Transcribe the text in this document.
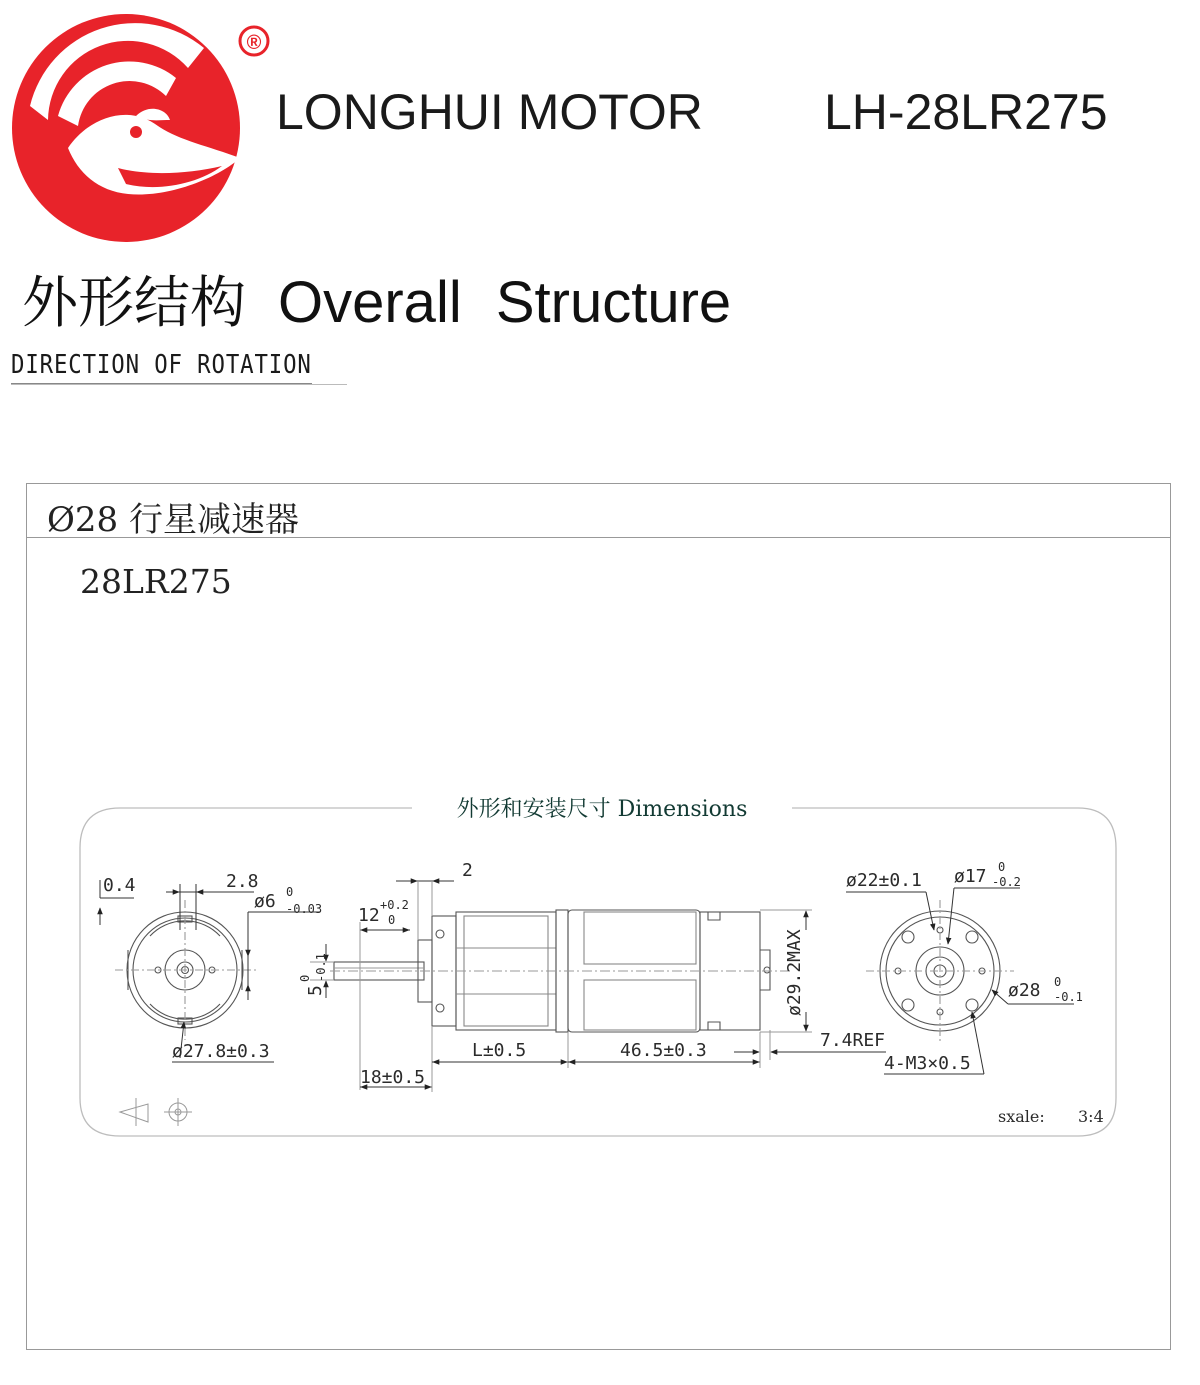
®
LONGHUI MOTOR LH-28LR275
外形结构 Overall Structure
DIRECTION OF ROTATION
Ø28 行星减速器
28LR275
外形和安装尺寸 Dimensions
0.4	2.8
ø6 0
-0.03
ø27.8±0.3
2
12 +0.2
0
5
0 -0.1
18±0.5
L±0.5	46.5±0.3	7.4REF
ø29.2MAX
ø22±0.1 ø17 0
-0.2
ø28 0
-0.1
4-M3×0.5
sxale: 3:4
